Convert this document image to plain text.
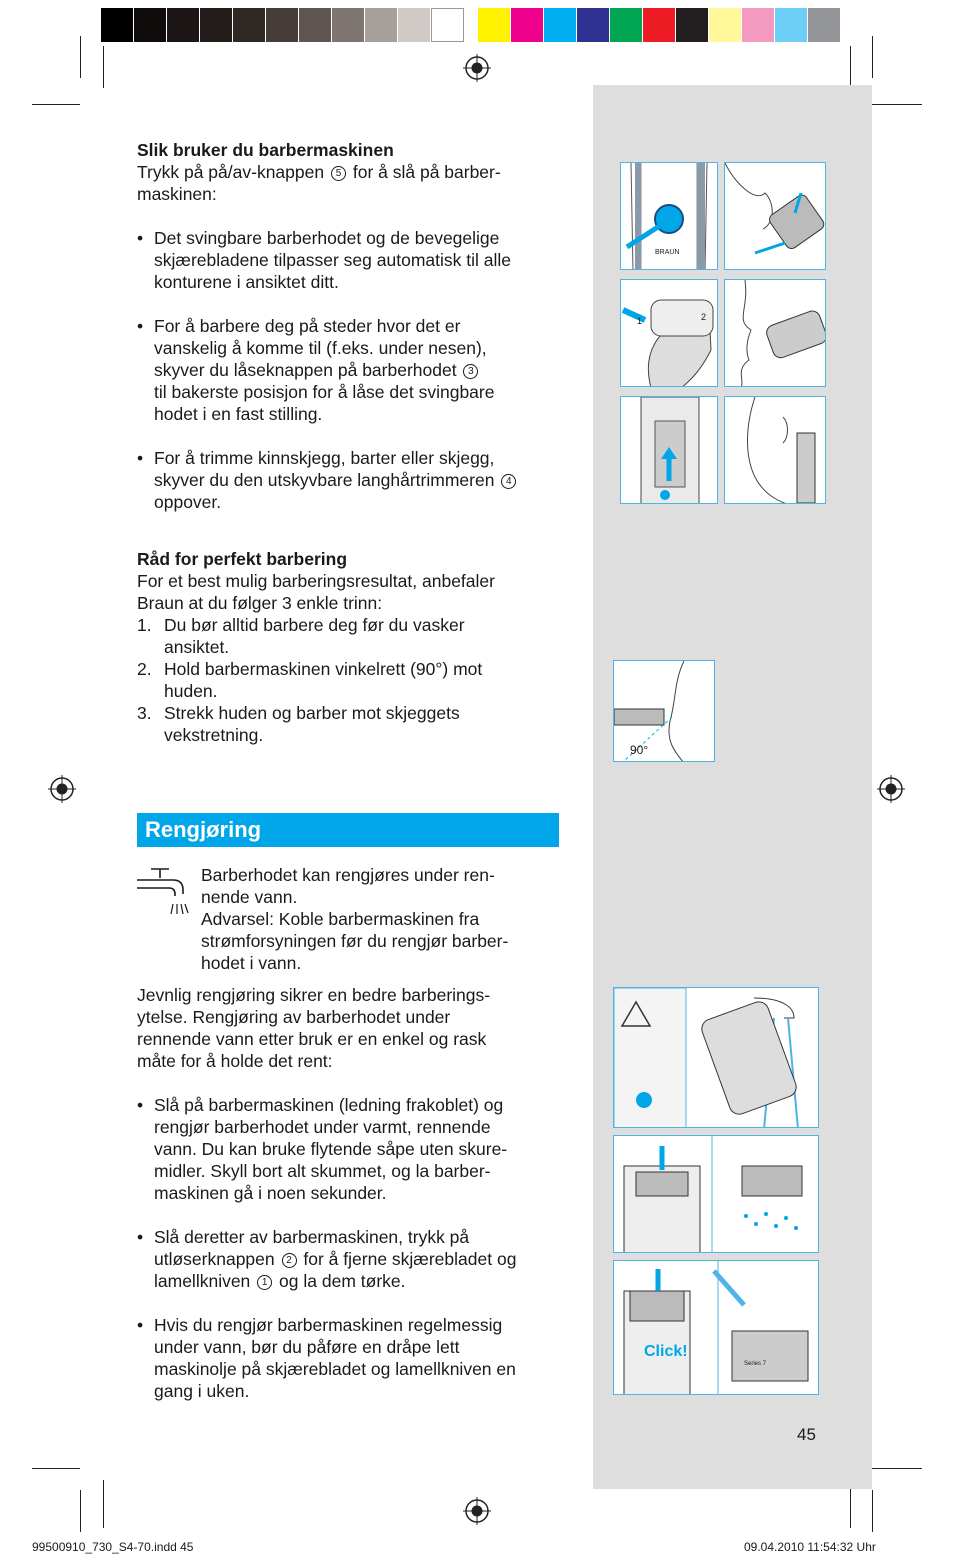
Slik bruker du barbermaskinen

Trykk på på/av-knappen 5 for å slå på barber-

maskinen:

• Det svingbare barberhodet og de bevegelige

skjærebladene tilpasser seg automatisk til alle

konturene i ansiktet ditt.

• For å barbere deg på steder hvor det er

vanskelig å komme til (f.eks. under nesen),

skyver du låseknappen på barberhodet 3

til bakerste posisjon for å låse det svingbare

hodet i en fast stilling.

• For å trimme kinnskjegg, barter eller skjegg,

skyver du den utskyvbare langhårtrimmeren 4

oppover.

Råd for perfekt barbering

For et best mulig barberingsresultat, anbefaler

Braun at du følger 3 enkle trinn:

1. Du bør alltid barbere deg før du vasker

ansiktet.

2. Hold barbermaskinen vinkelrett (90°) mot

huden.

3. Strekk huden og barber mot skjeggets

vekstretning.

Rengjøring

Barberhodet kan rengjøres under ren-

nende vann.

Advarsel: Koble barbermaskinen fra

strømforsyningen før du rengjør barber-

hodet i vann.

Jevnlig rengjøring sikrer en bedre barberings-

ytelse. Rengjøring av barberhodet under

rennende vann etter bruk er en enkel og rask

måte for å holde det rent:

• Slå på barbermaskinen (ledning frakoblet) og

rengjør barberhodet under varmt, rennende

vann. Du kan bruke flytende såpe uten skure-

midler. Skyll bort alt skummet, og la barber-

maskinen gå i noen sekunder.

• Slå deretter av barbermaskinen, trykk på

utløserknappen 2 for å fjerne skjærebladet og

lamellkniven 1 og la dem tørke.

• Hvis du rengjør barbermaskinen regelmessig

under vann, bør du påføre en dråpe lett

maskinolje på skjærebladet og lamellkniven en

gang i uken.

BRAUN
1	2
90°
Click!
Series 7
45
99500910_730_S4-70.indd 45	09.04.2010 11:54:32 Uhr
